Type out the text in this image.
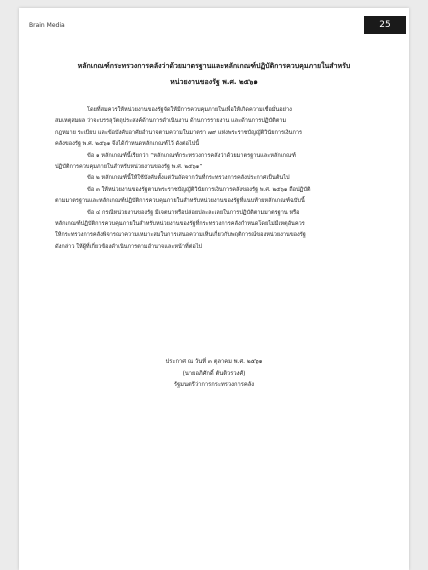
Brain Media	25
หลักเกณฑ์กระทรวงการคลังว่าด้วยมาตรฐานและหลักเกณฑ์ปฏิบัติการควบคุมภายในสำหรับ
หน่วยงานของรัฐ พ.ศ. ๒๕๖๑
โดยที่สมควรให้หน่วยงานของรัฐจัดให้มีการควบคุมภายในเพื่อให้เกิดความเชื่อมั่นอย่าง
สมเหตุสมผล ว่าจะบรรลุวัตถุประสงค์ด้านการดำเนินงาน ด้านการรายงาน และด้านการปฏิบัติตาม
กฎหมาย ระเบียบ และข้อบังคับอาศัยอำนาจตามความในมาตรา ๗๙ แห่งพระราชบัญญัติวินัยการเงินการ
คลังของรัฐ พ.ศ. ๒๕๖๑ จึงได้กำหนดหลักเกณฑ์ไว้ ดังต่อไปนี้
ข้อ ๑ หลักเกณฑ์นี้เรียกว่า “หลักเกณฑ์กระทรวงการคลังว่าด้วยมาตรฐานและหลักเกณฑ์
ปฏิบัติการควบคุมภายในสำหรับหน่วยงานของรัฐ พ.ศ. ๒๕๖๑”
ข้อ ๒ หลักเกณฑ์นี้ให้ใช้บังคับตั้งแต่วันถัดจากวันที่กระทรวงการคลังประกาศเป็นต้นไป
ข้อ ๓ ให้หน่วยงานของรัฐตามพระราชบัญญัติวินัยการเงินการคลังของรัฐ พ.ศ. ๒๕๖๑ ถือปฏิบัติ
ตามมาตรฐานและหลักเกณฑ์ปฏิบัติการควบคุมภายในสำหรับหน่วยงานของรัฐที่แนบท้ายหลักเกณฑ์ฉบับนี้
ข้อ ๔ กรณีหน่วยงานของรัฐ มีเจตนาหรือปล่อยปละละเลยในการปฏิบัติตามมาตรฐาน หรือ
หลักเกณฑ์ปฏิบัติการควบคุมภายในสำหรับหน่วยงานของรัฐที่กระทรวงการคลังกำหนดโดยไม่มีเหตุอันควร
ให้กระทรวงการคลังพิจารณาความเหมาะสมในการเสนอความเห็นเกี่ยวกับพฤติการณ์ของหน่วยงานของรัฐ
ดังกล่าว ให้ผู้ที่เกี่ยวข้องดำเนินการตามอำนาจและหน้าที่ต่อไป
ประกาศ ณ วันที่ ๓ ตุลาคม พ.ศ. ๒๕๖๑
(นายอภิศักดิ์ ตันติวรวงศ์)
รัฐมนตรีว่าการกระทรวงการคลัง
